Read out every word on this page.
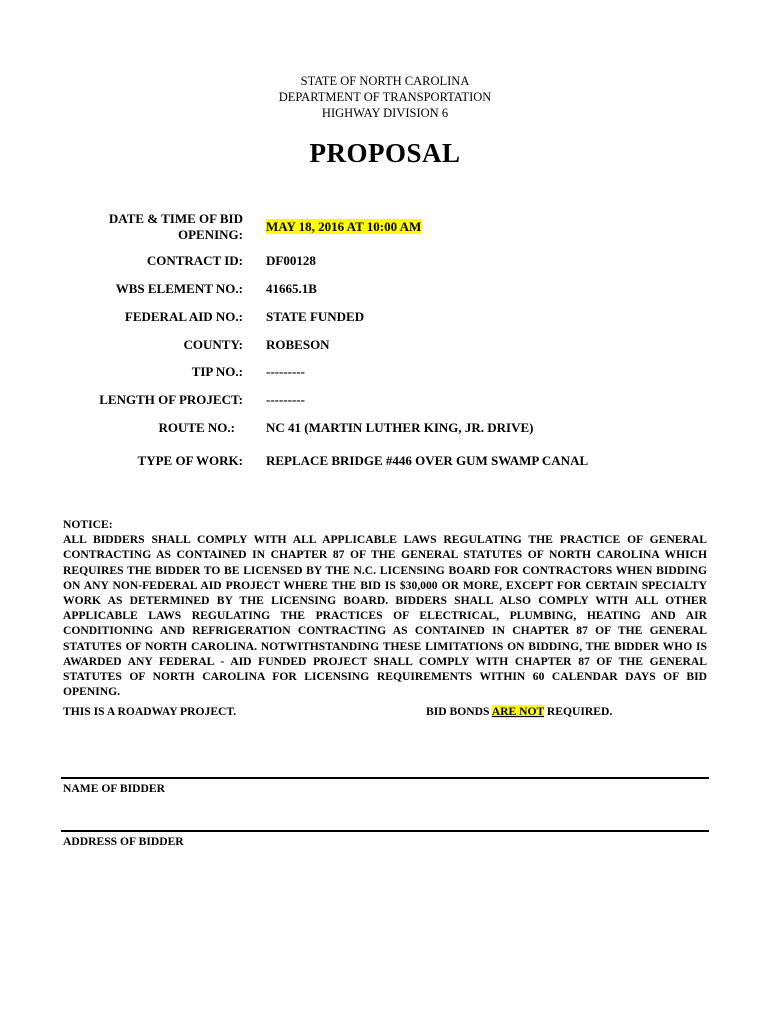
STATE OF NORTH CAROLINA
DEPARTMENT OF TRANSPORTATION
HIGHWAY DIVISION 6
PROPOSAL
DATE & TIME OF BID
OPENING:
MAY 18, 2016 AT 10:00 AM
CONTRACT ID: DF00128
WBS ELEMENT NO.: 41665.1B
FEDERAL AID NO.: STATE FUNDED
COUNTY: ROBESON
TIP NO.: ---------
LENGTH OF PROJECT: ---------
ROUTE NO.: NC 41 (MARTIN LUTHER KING, JR. DRIVE)
TYPE OF WORK: REPLACE BRIDGE #446 OVER GUM SWAMP CANAL
NOTICE:
ALL BIDDERS SHALL COMPLY WITH ALL APPLICABLE LAWS REGULATING THE PRACTICE OF GENERAL CONTRACTING AS CONTAINED IN CHAPTER 87 OF THE GENERAL STATUTES OF NORTH CAROLINA WHICH REQUIRES THE BIDDER TO BE LICENSED BY THE N.C. LICENSING BOARD FOR CONTRACTORS WHEN BIDDING ON ANY NON-FEDERAL AID PROJECT WHERE THE BID IS $30,000 OR MORE, EXCEPT FOR CERTAIN SPECIALTY WORK AS DETERMINED BY THE LICENSING BOARD. BIDDERS SHALL ALSO COMPLY WITH ALL OTHER APPLICABLE LAWS REGULATING THE PRACTICES OF ELECTRICAL, PLUMBING, HEATING AND AIR CONDITIONING AND REFRIGERATION CONTRACTING AS CONTAINED IN CHAPTER 87 OF THE GENERAL STATUTES OF NORTH CAROLINA. NOTWITHSTANDING THESE LIMITATIONS ON BIDDING, THE BIDDER WHO IS AWARDED ANY FEDERAL - AID FUNDED PROJECT SHALL COMPLY WITH CHAPTER 87 OF THE GENERAL STATUTES OF NORTH CAROLINA FOR LICENSING REQUIREMENTS WITHIN 60 CALENDAR DAYS OF BID OPENING.
THIS IS A ROADWAY PROJECT.	BID BONDS ARE NOT REQUIRED.
NAME OF BIDDER
ADDRESS OF BIDDER
